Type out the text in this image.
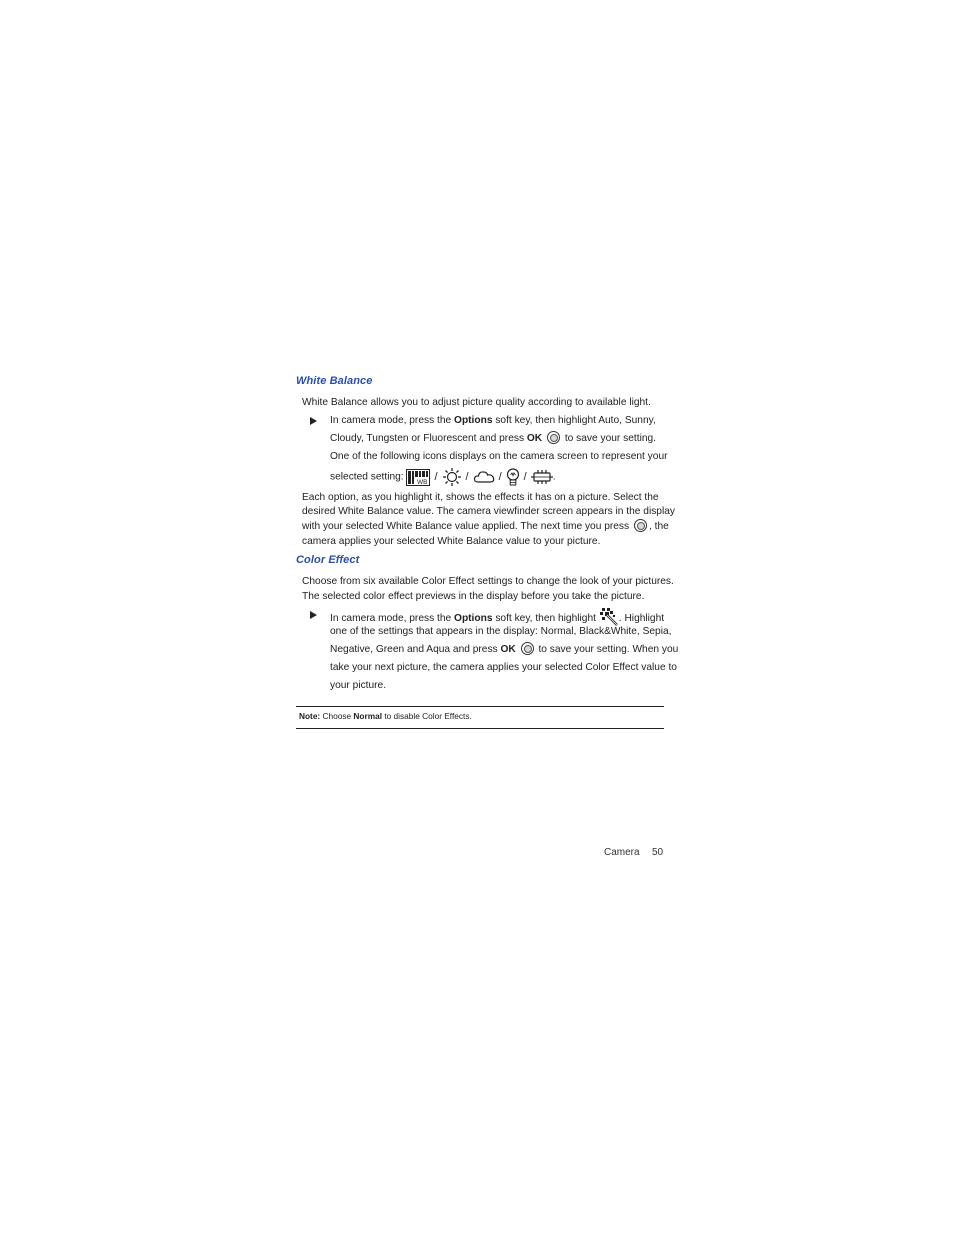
White Balance
White Balance allows you to adjust picture quality according to available light.
In camera mode, press the Options soft key, then highlight Auto, Sunny,
Cloudy, Tungsten or Fluorescent and press OK  to save your setting.
One of the following icons displays on the camera screen to represent your
selected setting: WB /	/	/ /	.
Each option, as you highlight it, shows the effects it has on a picture. Select the
desired White Balance value. The camera viewfinder screen appears in the display
with your selected White Balance value applied. The next time you press , the
camera applies your selected White Balance value to your picture.
Color Effect
Choose from six available Color Effect settings to change the look of your pictures.
The selected color effect previews in the display before you take the picture.
In camera mode, press the Options soft key, then highlight . Highlight
one of the settings that appears in the display: Normal, Black&White, Sepia,
Negative, Green and Aqua and press OK  to save your setting. When you
take your next picture, the camera applies your selected Color Effect value to
your picture.
Note: Choose Normal to disable Color Effects.
Camera 50
